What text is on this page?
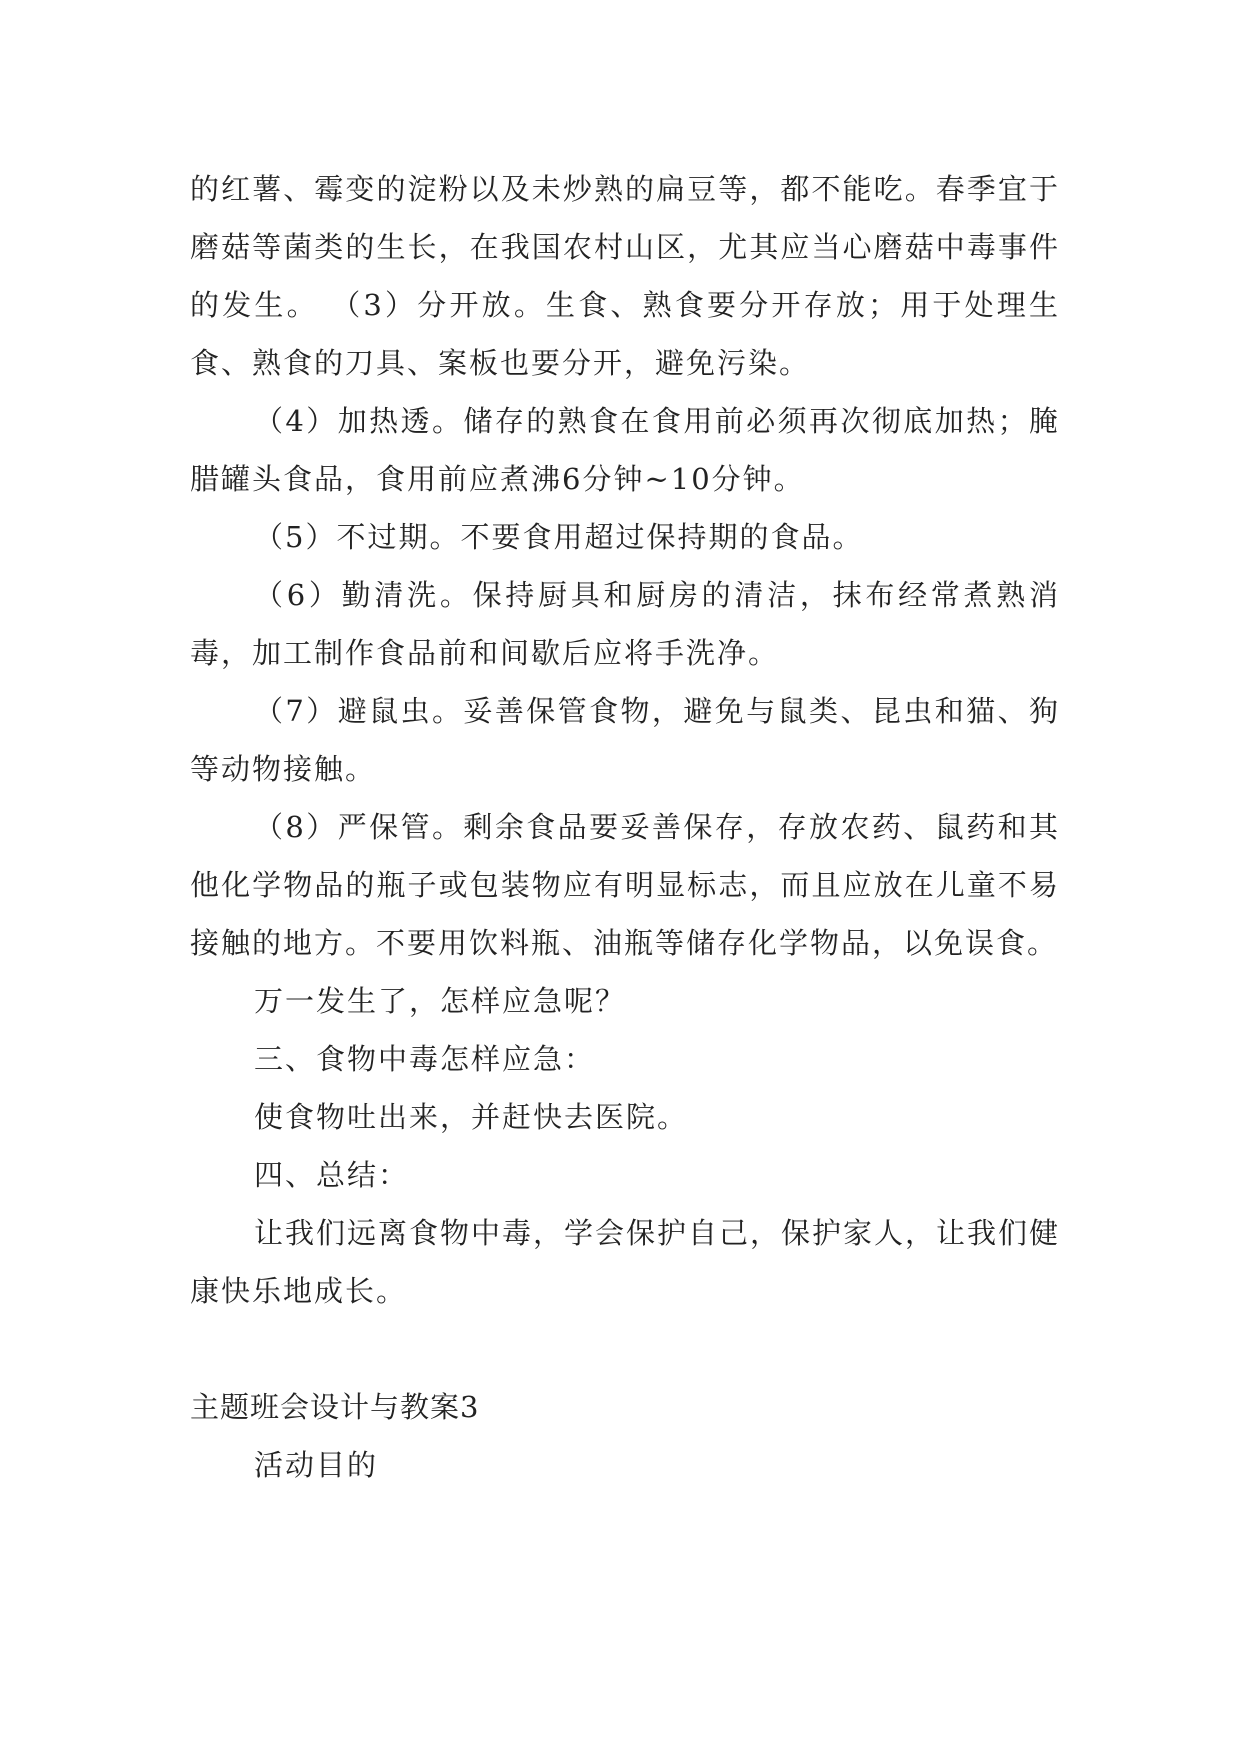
的红薯、霉变的淀粉以及未炒熟的扁豆等，都不能吃。春季宜于磨菇等菌类的生长，在我国农村山区，尤其应当心磨菇中毒事件的发生。 （3）分开放。生食、熟食要分开存放；用于处理生食、熟食的刀具、案板也要分开，避免污染。

（4）加热透。储存的熟食在食用前必须再次彻底加热；腌腊罐头食品，食用前应煮沸6分钟~10分钟。

（5）不过期。不要食用超过保持期的食品。

（6）勤清洗。保持厨具和厨房的清洁，抹布经常煮熟消毒，加工制作食品前和间歇后应将手洗净。

（7）避鼠虫。妥善保管食物，避免与鼠类、昆虫和猫、狗等动物接触。

（8）严保管。剩余食品要妥善保存，存放农药、鼠药和其他化学物品的瓶子或包装物应有明显标志，而且应放在儿童不易接触的地方。不要用饮料瓶、油瓶等储存化学物品，以免误食。

万一发生了，怎样应急呢？

三、食物中毒怎样应急：

使食物吐出来，并赶快去医院。

四、总结：

让我们远离食物中毒，学会保护自己，保护家人，让我们健康快乐地成长。

主题班会设计与教案3

活动目的
